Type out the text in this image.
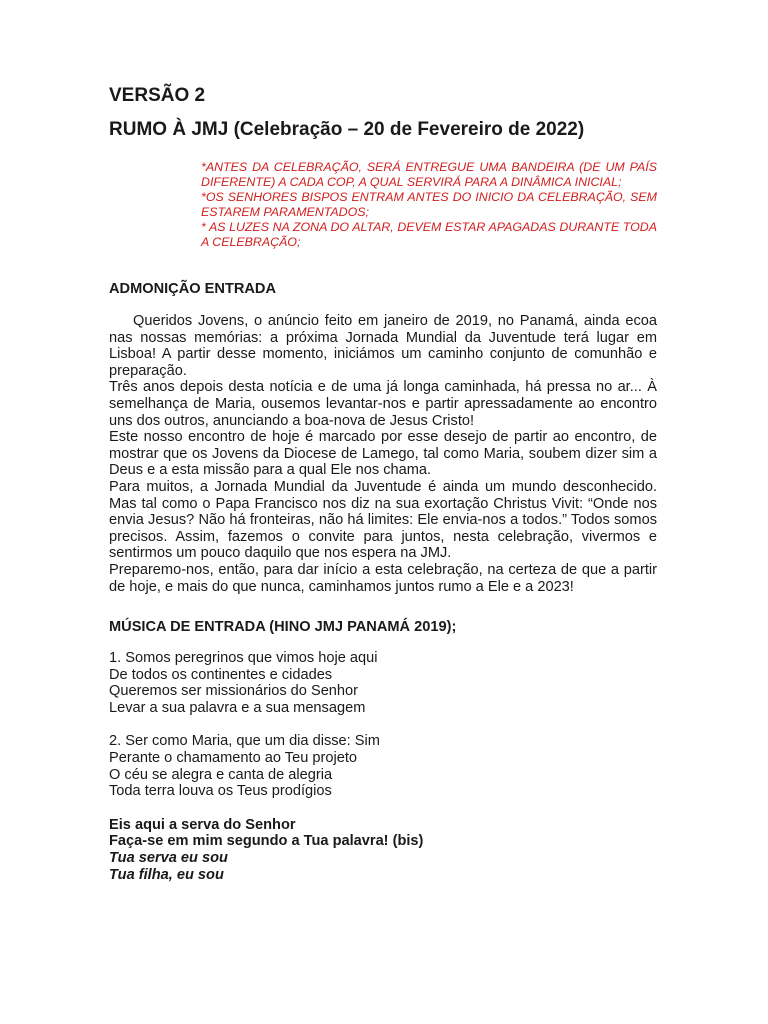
VERSÃO 2
RUMO À JMJ (Celebração – 20 de Fevereiro de 2022)
*ANTES DA CELEBRAÇÃO, SERÁ ENTREGUE UMA BANDEIRA (DE UM PAÍS DIFERENTE) A CADA COP, A QUAL SERVIRÁ PARA A DINÂMICA INICIAL;
*OS SENHORES BISPOS ENTRAM ANTES DO INICIO DA CELEBRAÇÃO, SEM ESTAREM PARAMENTADOS;
* AS LUZES NA ZONA DO ALTAR, DEVEM ESTAR APAGADAS DURANTE TODA A CELEBRAÇÃO;
ADMONIÇÃO ENTRADA

Queridos Jovens, o anúncio feito em janeiro de 2019, no Panamá, ainda ecoa nas nossas memórias: a próxima Jornada Mundial da Juventude terá lugar em Lisboa! A partir desse momento, iniciámos um caminho conjunto de comunhão e preparação.

Três anos depois desta notícia e de uma já longa caminhada, há pressa no ar... À semelhança de Maria, ousemos levantar-nos e partir apressadamente ao encontro uns dos outros, anunciando a boa-nova de Jesus Cristo!

Este nosso encontro de hoje é marcado por esse desejo de partir ao encontro, de mostrar que os Jovens da Diocese de Lamego, tal como Maria, soubem dizer sim a Deus e a esta missão para a qual Ele nos chama.

Para muitos, a Jornada Mundial da Juventude é ainda um mundo desconhecido. Mas tal como o Papa Francisco nos diz na sua exortação Christus Vivit: “Onde nos envia Jesus? Não há fronteiras, não há limites: Ele envia-nos a todos.” Todos somos precisos. Assim, fazemos o convite para juntos, nesta celebração, vivermos e sentirmos um pouco daquilo que nos espera na JMJ.

Preparemo-nos, então, para dar início a esta celebração, na certeza de que a partir de hoje, e mais do que nunca, caminhamos juntos rumo a Ele e a 2023!

MÚSICA DE ENTRADA (HINO JMJ PANAMÁ 2019);
1. Somos peregrinos que vimos hoje aqui
De todos os continentes e cidades
Queremos ser missionários do Senhor
Levar a sua palavra e a sua mensagem
2. Ser como Maria, que um dia disse: Sim
Perante o chamamento ao Teu projeto
O céu se alegra e canta de alegria
Toda terra louva os Teus prodígios
Eis aqui a serva do Senhor
Faça-se em mim segundo a Tua palavra! (bis)
Tua serva eu sou
Tua filha, eu sou
